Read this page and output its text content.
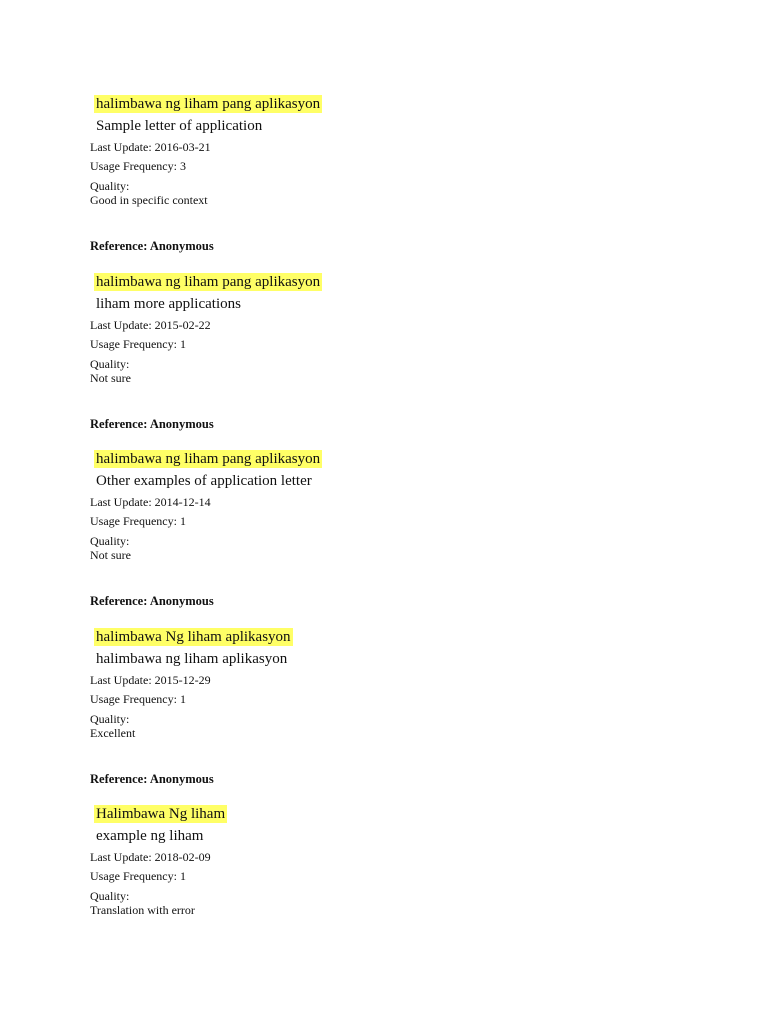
halimbawa ng liham pang aplikasyon
Sample letter of application
Last Update: 2016-03-21
Usage Frequency: 3
Quality:
Good in specific context
Reference: Anonymous
halimbawa ng liham pang aplikasyon
liham more applications
Last Update: 2015-02-22
Usage Frequency: 1
Quality:
Not sure
Reference: Anonymous
halimbawa ng liham pang aplikasyon
Other examples of application letter
Last Update: 2014-12-14
Usage Frequency: 1
Quality:
Not sure
Reference: Anonymous
halimbawa Ng liham aplikasyon
halimbawa ng liham aplikasyon
Last Update: 2015-12-29
Usage Frequency: 1
Quality:
Excellent
Reference: Anonymous
Halimbawa Ng liham
example ng liham
Last Update: 2018-02-09
Usage Frequency: 1
Quality:
Translation with error
